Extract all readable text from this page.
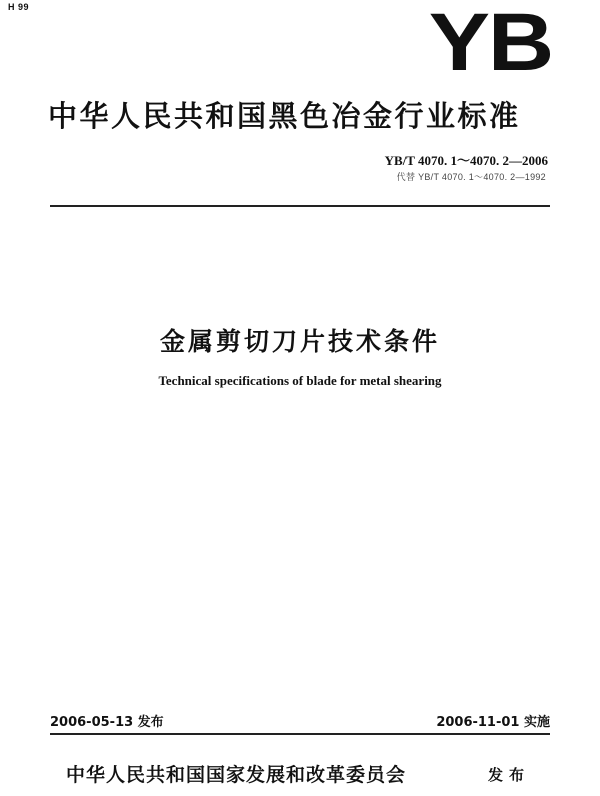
H 99	YB
中华人民共和国黑色冶金行业标准
YB/T 4070. 1～4070. 2—2006
代替 YB/T 4070. 1～4070. 2—1992
金属剪切刀片技术条件
Technical specifications of blade for metal shearing
2006-05-13 发布	2006-11-01 实施
中华人民共和国国家发展和改革委员会	发布
